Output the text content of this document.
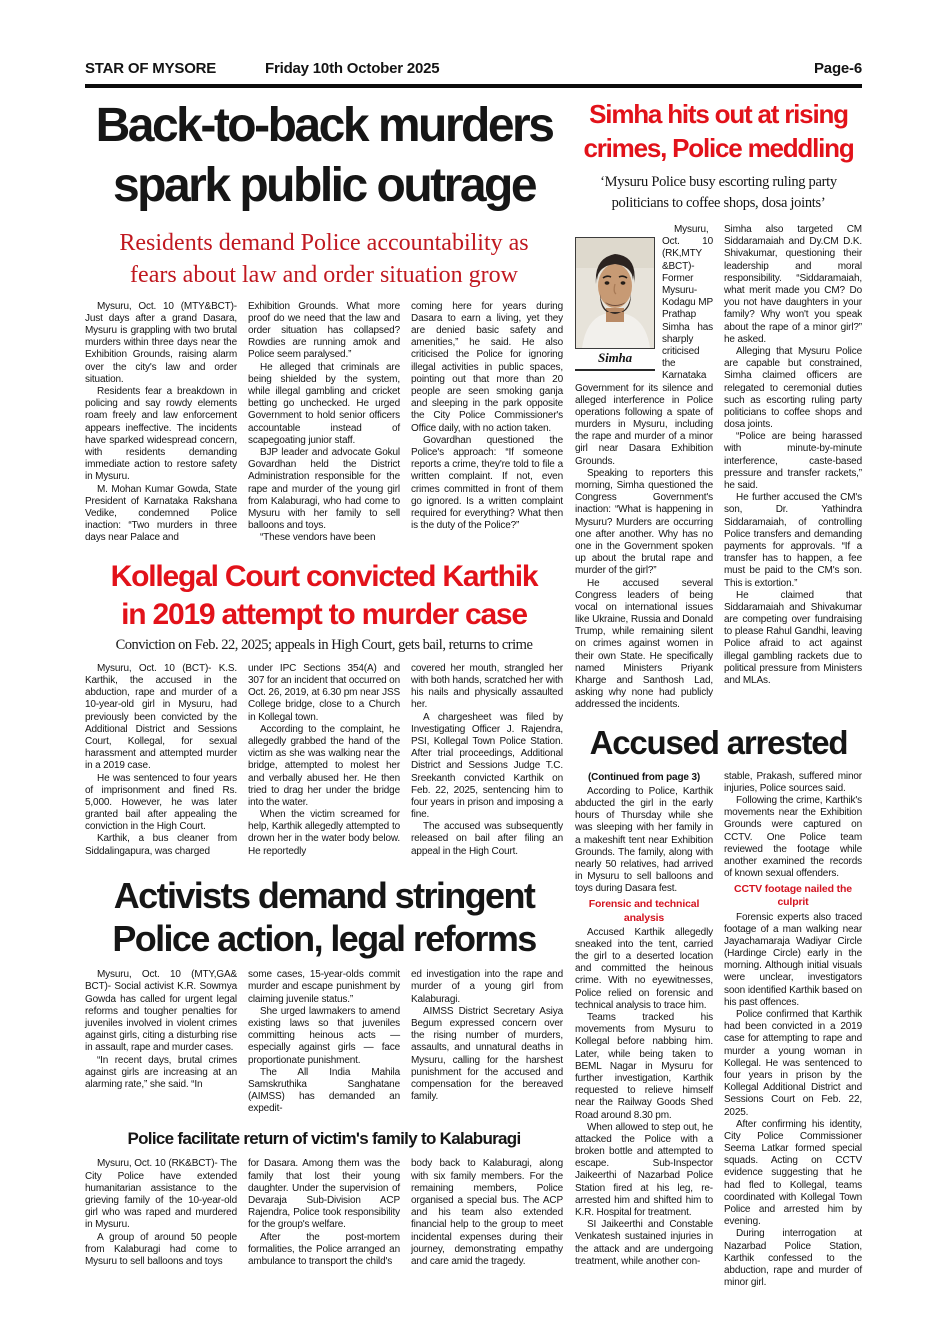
STAR OF MYSORE	Friday 10th October 2025	Page-6

Back-to-back murders

spark public outrage

Residents demand Police accountability as

fears about law and order situation grow

Mysuru, Oct. 10 (MTY&BCT)- Just days after a grand Dasara, Mysuru is grappling with two brutal murders within three days near the Exhibition Grounds, raising alarm over the city's law and order situation.

Residents fear a breakdown in policing and say rowdy elements roam freely and law enforcement appears ineffective. The incidents have sparked widespread concern, with residents demanding immediate action to restore safety in Mysuru.

M. Mohan Kumar Gowda, State President of Karnataka Rakshana Vedike, condemned Police inaction: “Two murders in three days near Palace and

Exhibition Grounds. What more proof do we need that the law and order situation has collapsed? Rowdies are running amok and Police seem paralysed.”

He alleged that criminals are being shielded by the system, while illegal gambling and cricket betting go unchecked. He urged Government to hold senior officers accountable instead of scapegoating junior staff.

BJP leader and advocate Gokul Govardhan held the District Administration responsible for the rape and murder of the young girl from Kalaburagi, who had come to Mysuru with her family to sell balloons and toys.

“These vendors have been

coming here for years during Dasara to earn a living, yet they are denied basic safety and amenities,” he said. He also criticised the Police for ignoring illegal activities in public spaces, pointing out that more than 20 people are seen smoking ganja and sleeping in the park opposite the City Police Commissioner's Office daily, with no action taken.

Govardhan questioned the Police's approach: “If someone reports a crime, they're told to file a written complaint. If not, even crimes committed in front of them go ignored. Is a written complaint required for everything? What then is the duty of the Police?”

Kollegal Court convicted Karthik

in 2019 attempt to murder case

Conviction on Feb. 22, 2025; appeals in High Court, gets bail, returns to crime

Mysuru, Oct. 10 (BCT)- K.S. Karthik, the accused in the abduction, rape and murder of a 10-year-old girl in Mysuru, had previously been convicted by the Additional District and Sessions Court, Kollegal, for sexual harassment and attempted murder in a 2019 case.

He was sentenced to four years of imprisonment and fined Rs. 5,000. However, he was later granted bail after appealing the conviction in the High Court.

Karthik, a bus cleaner from Siddalingapura, was charged

under IPC Sections 354(A) and 307 for an incident that occurred on Oct. 26, 2019, at 6.30 pm near JSS College bridge, close to a Church in Kollegal town.

According to the complaint, he allegedly grabbed the hand of the victim as she was walking near the bridge, attempted to molest her and verbally abused her. He then tried to drag her under the bridge into the water.

When the victim screamed for help, Karthik allegedly attempted to drown her in the water body below. He reportedly

covered her mouth, strangled her with both hands, scratched her with his nails and physically assaulted her.

A chargesheet was filed by Investigating Officer J. Rajendra, PSI, Kollegal Town Police Station. After trial proceedings, Additional District and Sessions Judge T.C. Sreekanth convicted Karthik on Feb. 22, 2025, sentencing him to four years in prison and imposing a fine.

The accused was subsequently released on bail after filing an appeal in the High Court.

Activists demand stringent

Police action, legal reforms

Mysuru, Oct. 10 (MTY,GA& BCT)- Social activist K.R. Sowmya Gowda has called for urgent legal reforms and tougher penalties for juveniles involved in violent crimes against girls, citing a disturbing rise in assault, rape and murder cases.

“In recent days, brutal crimes against girls are increasing at an alarming rate,” she said. “In

some cases, 15-year-olds commit murder and escape punishment by claiming juvenile status.”

She urged lawmakers to amend existing laws so that juveniles committing heinous acts — especially against girls — face proportionate punishment.

The All India Mahila Samskruthika Sanghatane (AIMSS) has demanded an expedit-

ed investigation into the rape and murder of a young girl from Kalaburagi.

AIMSS District Secretary Asiya Begum expressed concern over the rising number of murders, assaults, and unnatural deaths in Mysuru, calling for the harshest punishment for the accused and compensation for the bereaved family.

Police facilitate return of victim's family to Kalaburagi

Mysuru, Oct. 10 (RK&BCT)- The City Police have extended humanitarian assistance to the grieving family of the 10-year-old girl who was raped and murdered in Mysuru.

A group of around 50 people from Kalaburagi had come to Mysuru to sell balloons and toys

for Dasara. Among them was the family that lost their young daughter. Under the supervision of Devaraja Sub-Division ACP Rajendra, Police took responsibility for the group's welfare.

After the post-mortem formalities, the Police arranged an ambulance to transport the child's

body back to Kalaburagi, along with six family members. For the remaining members, Police organised a special bus. The ACP and his team also extended financial help to the group to meet incidental expenses during their journey, demonstrating empathy and care amid the tragedy.

Simha hits out at rising

crimes, Police meddling

‘Mysuru Police busy escorting ruling party

politicians to coffee shops, dosa joints’

Simha

Mysuru, Oct. 10 (RK,MTY &BCT)- Former Mysuru-Kodagu MP Prathap Simha has sharply criticised the Karnataka Government for its silence and alleged interference in Police operations following a spate of murders in Mysuru, including the rape and murder of a minor girl near Dasara Exhibition Grounds.

Speaking to reporters this morning, Simha questioned the Congress Government's inaction: “What is happening in Mysuru? Murders are occurring one after another. Why has no one in the Government spoken up about the brutal rape and murder of the girl?”

He accused several Congress leaders of being vocal on international issues like Ukraine, Russia and Donald Trump, while remaining silent on crimes against women in their own State. He specifically named Ministers Priyank Kharge and Santhosh Lad, asking why none had publicly addressed the incidents.

Simha also targeted CM Siddaramaiah and Dy.CM D.K. Shivakumar, questioning their leadership and moral responsibility. “Siddaramaiah, what merit made you CM? Do you not have daughters in your family? Why won't you speak about the rape of a minor girl?” he asked.

Alleging that Mysuru Police are capable but constrained, Simha claimed officers are relegated to ceremonial duties such as escorting ruling party politicians to coffee shops and dosa joints.

“Police are being harassed with minute-by-minute interference, caste-based pressure and transfer rackets,” he said.

He further accused the CM's son, Dr. Yathindra Siddaramaiah, of controlling Police transfers and demanding payments for approvals. “If a transfer has to happen, a fee must be paid to the CM's son. This is extortion.”

He claimed that Siddaramaiah and Shivakumar are competing over fundraising to please Rahul Gandhi, leaving Police afraid to act against illegal gambling rackets due to political pressure from Ministers and MLAs.

Accused arrested
(Continued from page 3)

According to Police, Karthik abducted the girl in the early hours of Thursday while she was sleeping with her family in a makeshift tent near Exhibition Grounds. The family, along with nearly 50 relatives, had arrived in Mysuru to sell balloons and toys during Dasara fest.

Forensic and technical analysis

Accused Karthik allegedly sneaked into the tent, carried the girl to a deserted location and committed the heinous crime. With no eyewitnesses, Police relied on forensic and technical analysis to trace him.

Teams tracked his movements from Mysuru to Kollegal before nabbing him. Later, while being taken to BEML Nagar in Mysuru for further investigation, Karthik requested to relieve himself near the Railway Goods Shed Road around 8.30 pm.

When allowed to step out, he attacked the Police with a broken bottle and attempted to escape. Sub-Inspector Jaikeerthi of Nazarbad Police Station fired at his leg, re-arrested him and shifted him to K.R. Hospital for treatment.

SI Jaikeerthi and Constable Venkatesh sustained injuries in the attack and are undergoing treatment, while another con-

stable, Prakash, suffered minor injuries, Police sources said.

Following the crime, Karthik's movements near the Exhibition Grounds were captured on CCTV. One Police team reviewed the footage while another examined the records of known sexual offenders.

CCTV footage nailed the culprit

Forensic experts also traced footage of a man walking near Jayachamaraja Wadiyar Circle (Hardinge Circle) early in the morning. Although initial visuals were unclear, investigators soon identified Karthik based on his past offences.

Police confirmed that Karthik had been convicted in a 2019 case for attempting to rape and murder a young woman in Kollegal. He was sentenced to four years in prison by the Kollegal Additional District and Sessions Court on Feb. 22, 2025.

After confirming his identity, City Police Commissioner Seema Latkar formed special squads. Acting on CCTV evidence suggesting that he had fled to Kollegal, teams coordinated with Kollegal Town Police and arrested him by evening.

During interrogation at Nazarbad Police Station, Karthik confessed to the abduction, rape and murder of minor girl.
